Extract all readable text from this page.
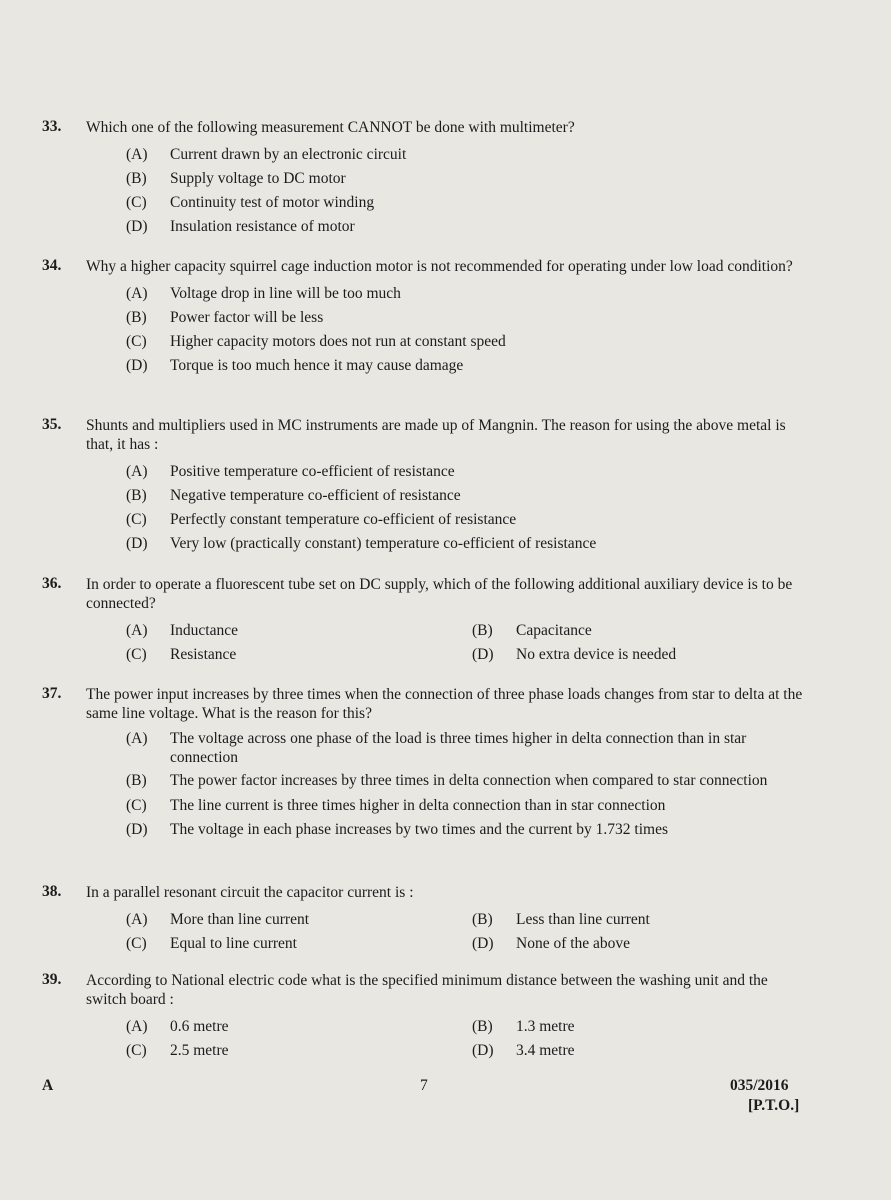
33. Which one of the following measurement CANNOT be done with multimeter?
(A) Current drawn by an electronic circuit
(B) Supply voltage to DC motor
(C) Continuity test of motor winding
(D) Insulation resistance of motor
34. Why a higher capacity squirrel cage induction motor is not recommended for operating under low load condition?
(A) Voltage drop in line will be too much
(B) Power factor will be less
(C) Higher capacity motors does not run at constant speed
(D) Torque is too much hence it may cause damage
35. Shunts and multipliers used in MC instruments are made up of Mangnin. The reason for using the above metal is that, it has :
(A) Positive temperature co-efficient of resistance
(B) Negative temperature co-efficient of resistance
(C) Perfectly constant temperature co-efficient of resistance
(D) Very low (practically constant) temperature co-efficient of resistance
36. In order to operate a fluorescent tube set on DC supply, which of the following additional auxiliary device is to be connected?
(A) Inductance	(B) Capacitance
(C) Resistance	(D) No extra device is needed
37. The power input increases by three times when the connection of three phase loads changes from star to delta at the same line voltage. What is the reason for this?
(A) The voltage across one phase of the load is three times higher in delta connection than in star connection
(B) The power factor increases by three times in delta connection when compared to star connection
(C) The line current is three times higher in delta connection than in star connection
(D) The voltage in each phase increases by two times and the current by 1.732 times
38. In a parallel resonant circuit the capacitor current is :
(A) More than line current	(B) Less than line current
(C) Equal to line current	(D) None of the above
39. According to National electric code what is the specified minimum distance between the washing unit and the switch board :
(A) 0.6 metre	(B) 1.3 metre
(C) 2.5 metre	(D) 3.4 metre
A	7	035/2016
[P.T.O.]
